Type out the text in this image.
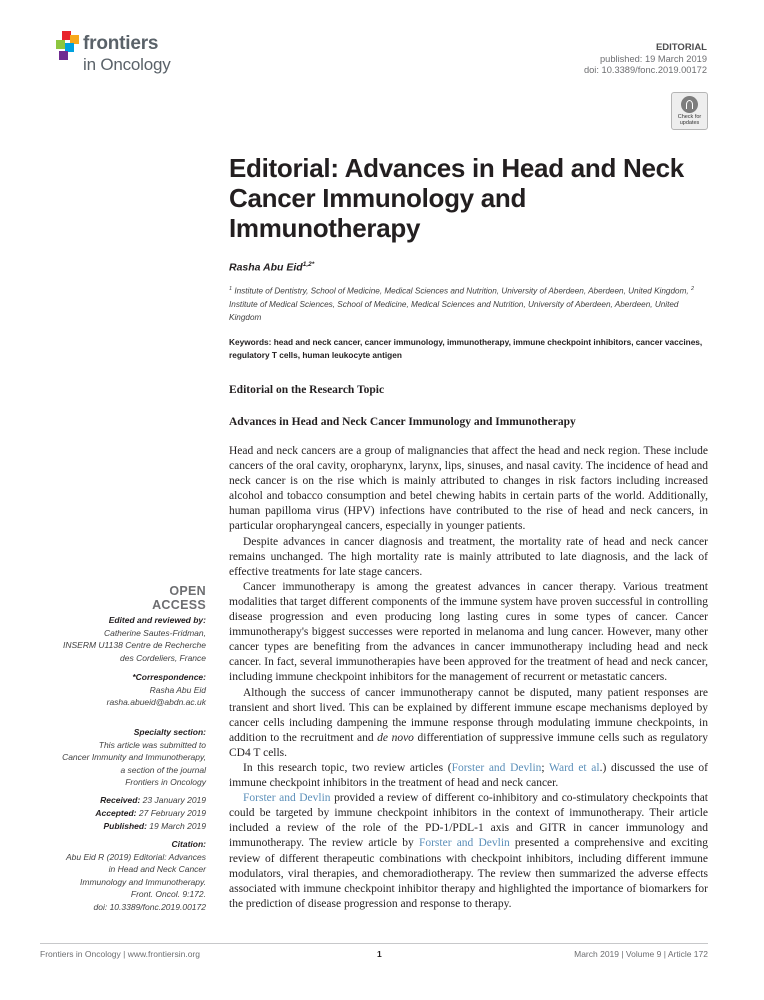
frontiers
in Oncology
EDITORIAL
published: 19 March 2019
doi: 10.3389/fonc.2019.00172
Check for updates
Editorial: Advances in Head and Neck Cancer Immunology and Immunotherapy
Rasha Abu Eid$^{1,2*}$
$^1$ Institute of Dentistry, School of Medicine, Medical Sciences and Nutrition, University of Aberdeen, Aberdeen, United Kingdom, $^2$ Institute of Medical Sciences, School of Medicine, Medical Sciences and Nutrition, University of Aberdeen, Aberdeen, United Kingdom
Keywords: head and neck cancer, cancer immunology, immunotherapy, immune checkpoint inhibitors, cancer vaccines, regulatory T cells, human leukocyte antigen
Editorial on the Research Topic
Advances in Head and Neck Cancer Immunology and Immunotherapy

Head and neck cancers are a group of malignancies that affect the head and neck region. These include cancers of the oral cavity, oropharynx, larynx, lips, sinuses, and nasal cavity. The incidence of head and neck cancer is on the rise which is mainly attributed to changes in risk factors including increased alcohol and tobacco consumption and betel chewing habits in certain parts of the world. Additionally, human papilloma virus (HPV) infections have contributed to the rise of head and neck cancers, in particular oropharyngeal cancers, especially in younger patients.

Despite advances in cancer diagnosis and treatment, the mortality rate of head and neck cancer remains unchanged. The high mortality rate is mainly attributed to late diagnosis, and the lack of effective treatments for late stage cancers.

Cancer immunotherapy is among the greatest advances in cancer therapy. Various treatment modalities that target different components of the immune system have proven successful in controlling disease progression and even producing long lasting cures in some types of cancer. Cancer immunotherapy's biggest successes were reported in melanoma and lung cancer. However, many other cancer types are benefiting from the advances in cancer immunotherapy including head and neck cancer. In fact, several immunotherapies have been approved for the treatment of head and neck cancer, including immune checkpoint inhibitors for the management of recurrent or metastatic cancers.

Although the success of cancer immunotherapy cannot be disputed, many patient responses are transient and short lived. This can be explained by different immune escape mechanisms deployed by cancer cells including dampening the immune response through modulating immune checkpoints, in addition to the recruitment and de novo differentiation of suppressive immune cells such as regulatory CD4 T cells.

In this research topic, two review articles (Forster and Devlin; Ward et al.) discussed the use of immune checkpoint inhibitors in the treatment of head and neck cancer.

Forster and Devlin provided a review of different co-inhibitory and co-stimulatory checkpoints that could be targeted by immune checkpoint inhibitors in the context of immunotherapy. Their article included a review of the role of the PD-1/PDL-1 axis and GITR in cancer immunology and immunotherapy. The review article by Forster and Devlin presented a comprehensive and exciting review of different therapeutic combinations with checkpoint inhibitors, including different immune modulators, viral therapies, and chemoradiotherapy. The review then summarized the adverse effects associated with immune checkpoint inhibitor therapy and highlighted the importance of biomarkers for the prediction of disease progression and response to therapy.

OPEN ACCESS
Edited and reviewed by:
Catherine Sautes-Fridman,
INSERM U1138 Centre de Recherche
des Cordeliers, France
*Correspondence:
Rasha Abu Eid
rasha.abueid@abdn.ac.uk
Specialty section:
This article was submitted to
Cancer Immunity and Immunotherapy,
a section of the journal
Frontiers in Oncology
Received: 23 January 2019
Accepted: 27 February 2019
Published: 19 March 2019
Citation:
Abu Eid R (2019) Editorial: Advances
in Head and Neck Cancer
Immunology and Immunotherapy.
Front. Oncol. 9:172.
doi: 10.3389/fonc.2019.00172
Frontiers in Oncology | www.frontiersin.org	1	March 2019 | Volume 9 | Article 172
